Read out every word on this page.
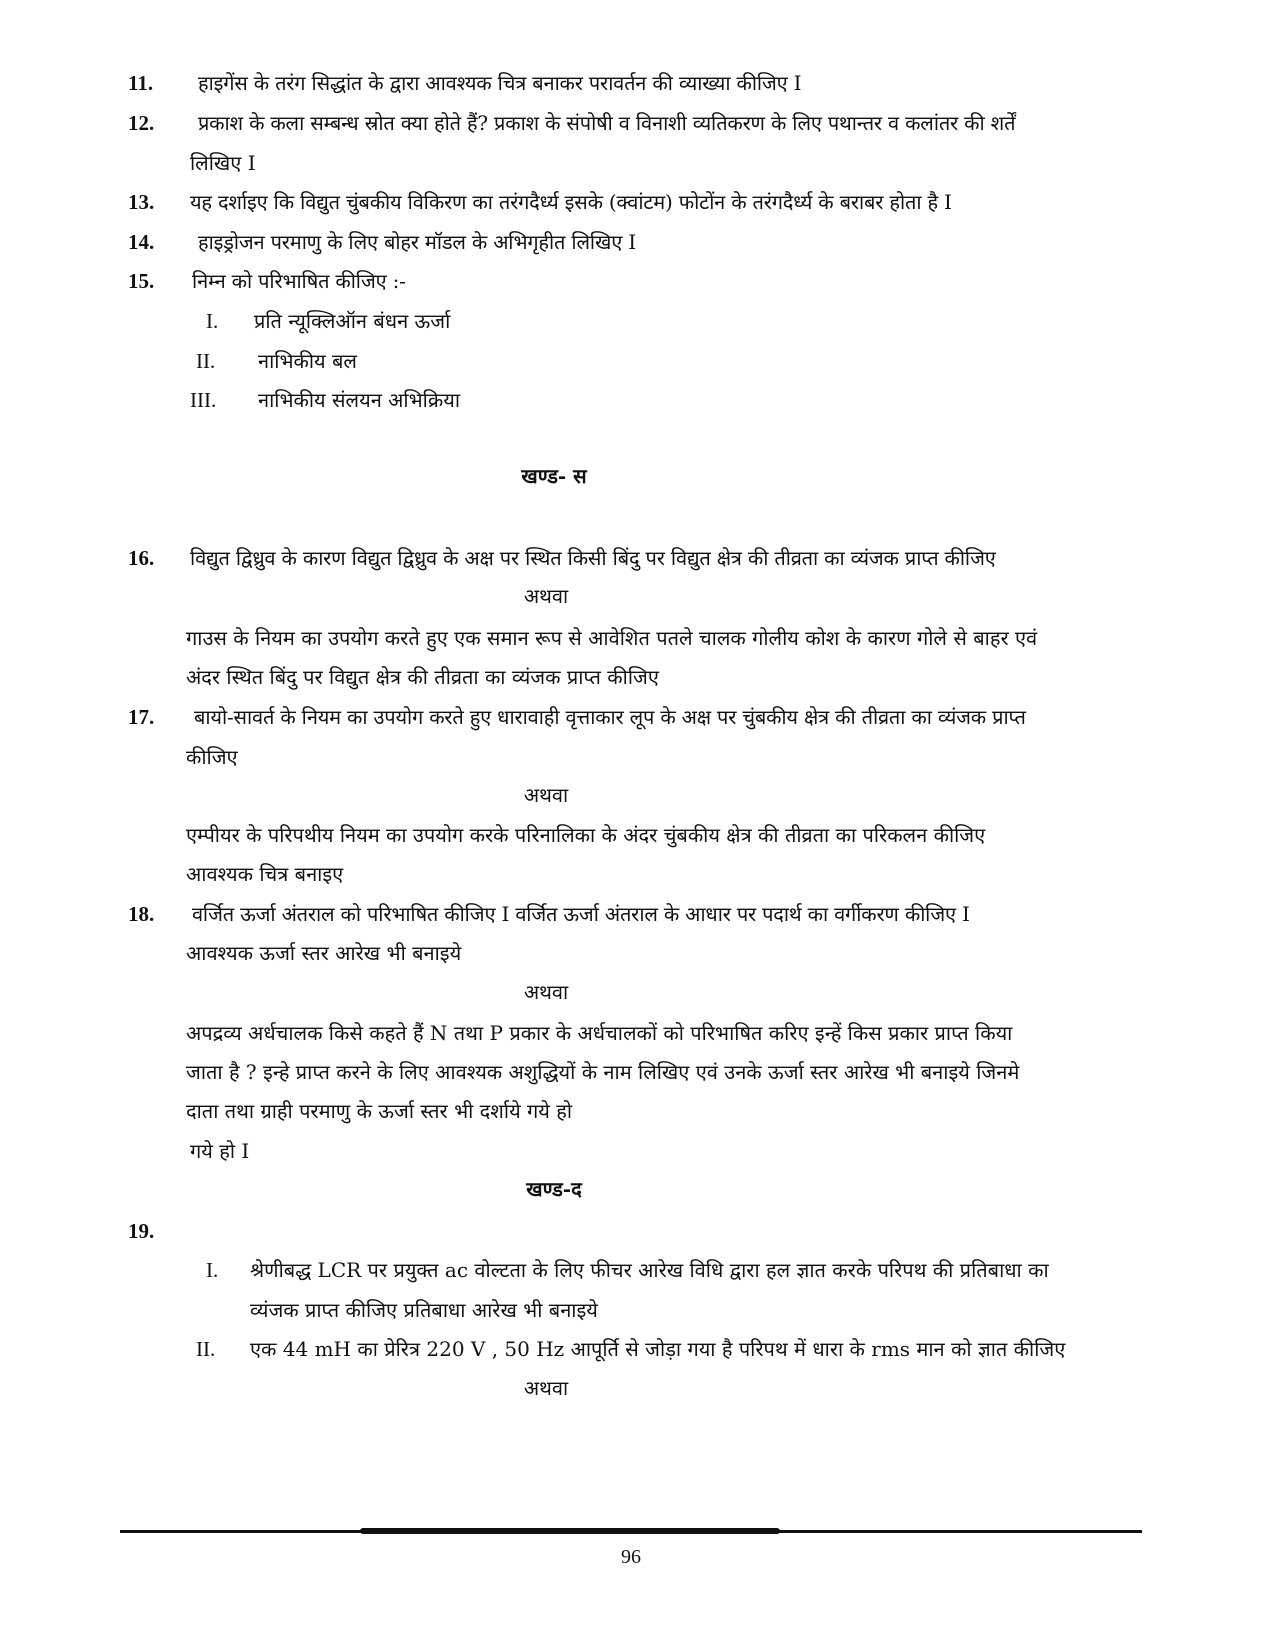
11. हाइगेंस के तरंग सिद्धांत के द्वारा आवश्यक चित्र बनाकर परावर्तन की व्याख्या कीजिए I
12. प्रकाश के कला सम्बन्ध स्रोत क्या होते हैं? प्रकाश के संपोषी व विनाशी व्यतिकरण के लिए पथान्तर व कलांतर की शर्तें
लिखिए I
13. यह दर्शाइए कि विद्युत चुंबकीय विकिरण का तरंगदैर्ध्य इसके (क्वांटम) फोटोंन के तरंगदैर्ध्य के बराबर होता है I
14. हाइड्रोजन परमाणु के लिए बोहर मॉडल के अभिगृहीत लिखिए I
15. निम्न को परिभाषित कीजिए :-
I. प्रति न्यूक्लिऑन बंधन ऊर्जा
II. नाभिकीय बल
III. नाभिकीय संलयन अभिक्रिया
खण्ड- स
16. विद्युत द्विध्रुव के कारण विद्युत द्विध्रुव के अक्ष पर स्थित किसी बिंदु पर विद्युत क्षेत्र की तीव्रता का व्यंजक प्राप्त कीजिए
अथवा
गाउस के नियम का उपयोग करते हुए एक समान रूप से आवेशित पतले चालक गोलीय कोश के कारण गोले से बाहर एवं
अंदर स्थित बिंदु पर विद्युत क्षेत्र की तीव्रता का व्यंजक प्राप्त कीजिए
17. बायो-सावर्त के नियम का उपयोग करते हुए धारावाही वृत्ताकार लूप के अक्ष पर चुंबकीय क्षेत्र की तीव्रता का व्यंजक प्राप्त
कीजिए
अथवा
एम्पीयर के परिपथीय नियम का उपयोग करके परिनालिका के अंदर चुंबकीय क्षेत्र की तीव्रता का परिकलन कीजिए
आवश्यक चित्र बनाइए
18. वर्जित ऊर्जा अंतराल को परिभाषित कीजिए I वर्जित ऊर्जा अंतराल के आधार पर पदार्थ का वर्गीकरण कीजिए I
आवश्यक ऊर्जा स्तर आरेख भी बनाइये
अथवा
अपद्रव्य अर्धचालक किसे कहते हैं N तथा P प्रकार के अर्धचालकों को परिभाषित करिए इन्हें किस प्रकार प्राप्त किया
जाता है ? इन्हे प्राप्त करने के लिए आवश्यक अशुद्धियों के नाम लिखिए एवं उनके ऊर्जा स्तर आरेख भी बनाइये जिनमे
दाता तथा ग्राही परमाणु के ऊर्जा स्तर भी दर्शाये गये हो
गये हो I
खण्ड-द
19.
I. श्रेणीबद्ध LCR पर प्रयुक्त ac वोल्टता के लिए फीचर आरेख विधि द्वारा हल ज्ञात करके परिपथ की प्रतिबाधा का
व्यंजक प्राप्त कीजिए प्रतिबाधा आरेख भी बनाइये
II. एक 44 mH का प्रेरित्र 220 V , 50 Hz आपूर्ति से जोड़ा गया है परिपथ में धारा के rms मान को ज्ञात कीजिए
अथवा
96
